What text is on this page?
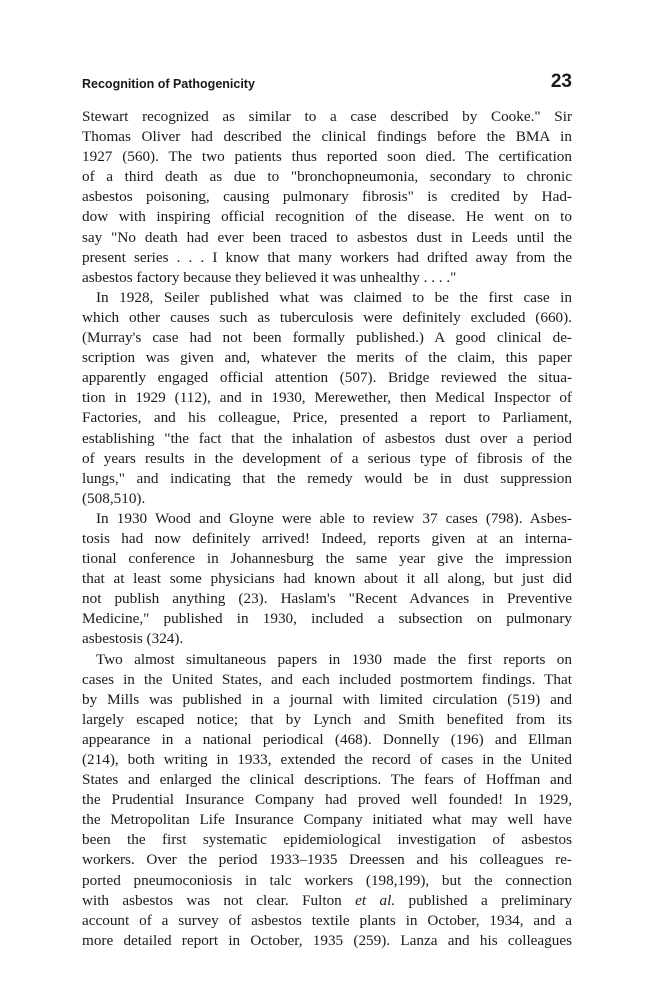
Recognition of Pathogenicity	23

Stewart recognized as similar to a case described by Cooke." Sir
Thomas Oliver had described the clinical findings before the BMA in
1927 (560). The two patients thus reported soon died. The certification
of a third death as due to "bronchopneumonia, secondary to chronic
asbestos poisoning, causing pulmonary fibrosis" is credited by Had-
dow with inspiring official recognition of the disease. He went on to
say "No death had ever been traced to asbestos dust in Leeds until the
present series . . . I know that many workers had drifted away from the
asbestos factory because they believed it was unhealthy . . . ."

In 1928, Seiler published what was claimed to be the first case in
which other causes such as tuberculosis were definitely excluded (660).
(Murray's case had not been formally published.) A good clinical de-
scription was given and, whatever the merits of the claim, this paper
apparently engaged official attention (507). Bridge reviewed the situa-
tion in 1929 (112), and in 1930, Merewether, then Medical Inspector of
Factories, and his colleague, Price, presented a report to Parliament,
establishing "the fact that the inhalation of asbestos dust over a period
of years results in the development of a serious type of fibrosis of the
lungs," and indicating that the remedy would be in dust suppression
(508,510).

In 1930 Wood and Gloyne were able to review 37 cases (798). Asbes-
tosis had now definitely arrived! Indeed, reports given at an interna-
tional conference in Johannesburg the same year give the impression
that at least some physicians had known about it all along, but just did
not publish anything (23). Haslam's "Recent Advances in Preventive
Medicine," published in 1930, included a subsection on pulmonary
asbestosis (324).

Two almost simultaneous papers in 1930 made the first reports on
cases in the United States, and each included postmortem findings. That
by Mills was published in a journal with limited circulation (519) and
largely escaped notice; that by Lynch and Smith benefited from its
appearance in a national periodical (468). Donnelly (196) and Ellman
(214), both writing in 1933, extended the record of cases in the United
States and enlarged the clinical descriptions. The fears of Hoffman and
the Prudential Insurance Company had proved well founded! In 1929,
the Metropolitan Life Insurance Company initiated what may well have
been the first systematic epidemiological investigation of asbestos
workers. Over the period 1933–1935 Dreessen and his colleagues re-
ported pneumoconiosis in talc workers (198,199), but the connection
with asbestos was not clear. Fulton et al. published a preliminary
account of a survey of asbestos textile plants in October, 1934, and a
more detailed report in October, 1935 (259). Lanza and his colleagues
